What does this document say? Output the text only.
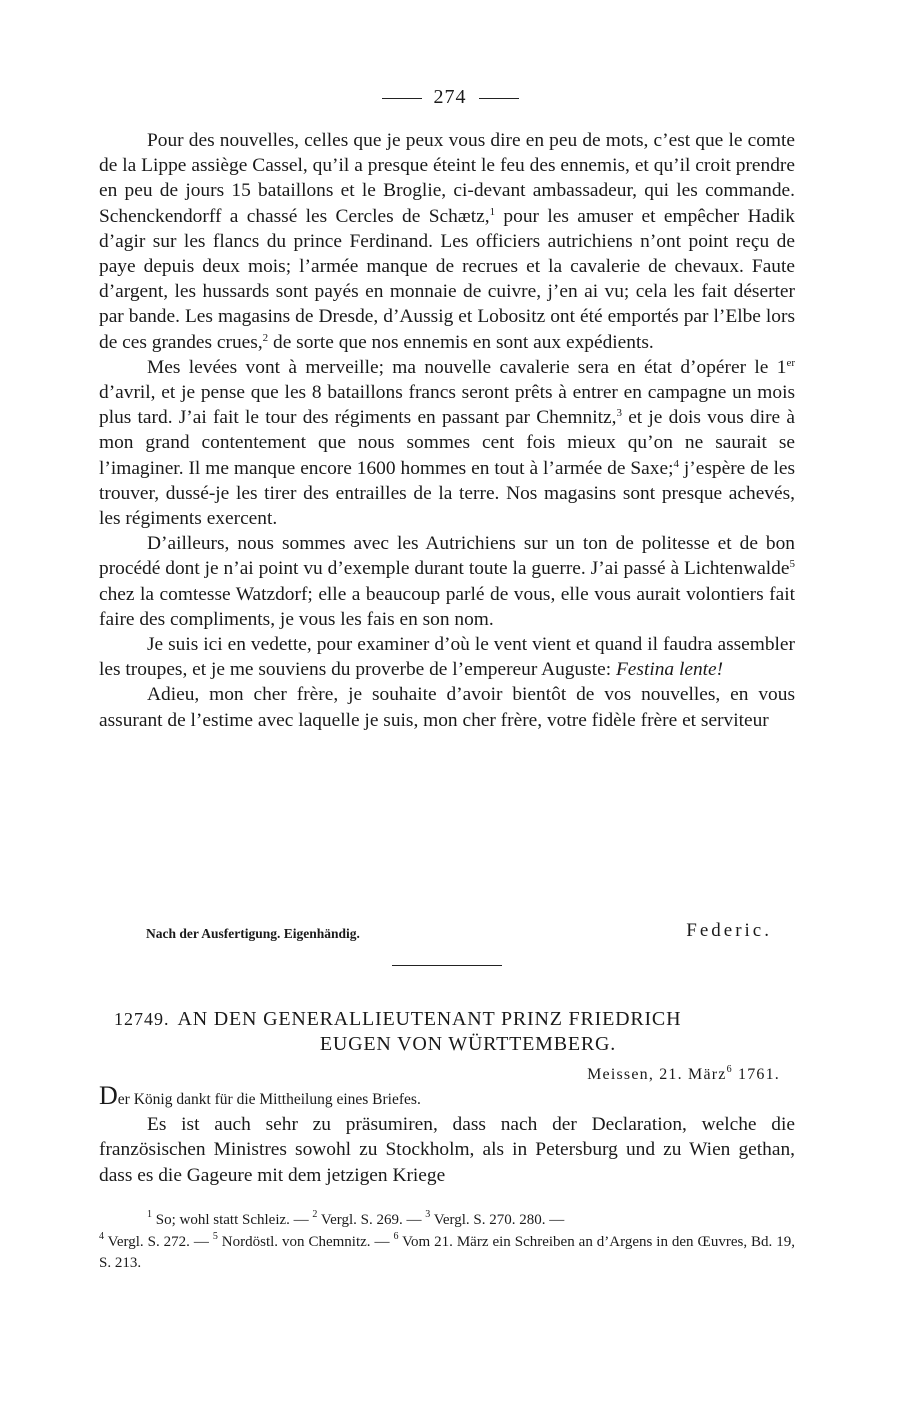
274

Pour des nouvelles, celles que je peux vous dire en peu de mots, c’est que le comte de la Lippe assiège Cassel, qu’il a presque éteint le feu des ennemis, et qu’il croit prendre en peu de jours 15 bataillons et le Broglie, ci-devant ambassadeur, qui les commande. Schenckendorff a chassé les Cercles de Schætz,$^1$ pour les amuser et empêcher Hadik d’agir sur les flancs du prince Ferdinand. Les officiers autrichiens n’ont point reçu de paye depuis deux mois; l’armée manque de recrues et la cavalerie de chevaux. Faute d’argent, les hussards sont payés en monnaie de cuivre, j’en ai vu; cela les fait déserter par bande. Les magasins de Dresde, d’Aussig et Lobositz ont été emportés par l’Elbe lors de ces grandes crues,$^2$ de sorte que nos ennemis en sont aux expédients.

Mes levées vont à merveille; ma nouvelle cavalerie sera en état d’opérer le 1er d’avril, et je pense que les 8 bataillons francs seront prêts à entrer en campagne un mois plus tard. J’ai fait le tour des régiments en passant par Chemnitz,$^3$ et je dois vous dire à mon grand contentement que nous sommes cent fois mieux qu’on ne saurait se l’imaginer. Il me manque encore 1600 hommes en tout à l’armée de Saxe;$^4$ j’espère de les trouver, dussé-je les tirer des entrailles de la terre. Nos magasins sont presque achevés, les régiments exercent.

D’ailleurs, nous sommes avec les Autrichiens sur un ton de politesse et de bon procédé dont je n’ai point vu d’exemple durant toute la guerre. J’ai passé à Lichtenwalde$^5$ chez la comtesse Watzdorf; elle a beaucoup parlé de vous, elle vous aurait volontiers fait faire des compliments, je vous les fais en son nom.

Je suis ici en vedette, pour examiner d’où le vent vient et quand il faudra assembler les troupes, et je me souviens du proverbe de l’empereur Auguste: Festina lente!

Adieu, mon cher frère, je souhaite d’avoir bientôt de vos nouvelles, en vous assurant de l’estime avec laquelle je suis, mon cher frère, votre fidèle frère et serviteur

Nach der Ausfertigung. Eigenhändig.	Federic.
12749. AN DEN GENERALLIEUTENANT PRINZ FRIEDRICH
EUGEN VON WÜRTTEMBERG.
Meissen, 21. März$^6$ 1761.

Der König dankt für die Mittheilung eines Briefes.

Es ist auch sehr zu präsumiren, dass nach der Declaration, welche die französischen Ministres sowohl zu Stockholm, als in Petersburg und zu Wien gethan, dass es die Gageure mit dem jetzigen Kriege

$^1$ So; wohl statt Schleiz. — $^2$ Vergl. S. 269. — $^3$ Vergl. S. 270. 280. —

$^4$ Vergl. S. 272. — $^5$ Nordöstl. von Chemnitz. — $^6$ Vom 21. März ein Schreiben an d’Argens in den Œuvres, Bd. 19, S. 213.
